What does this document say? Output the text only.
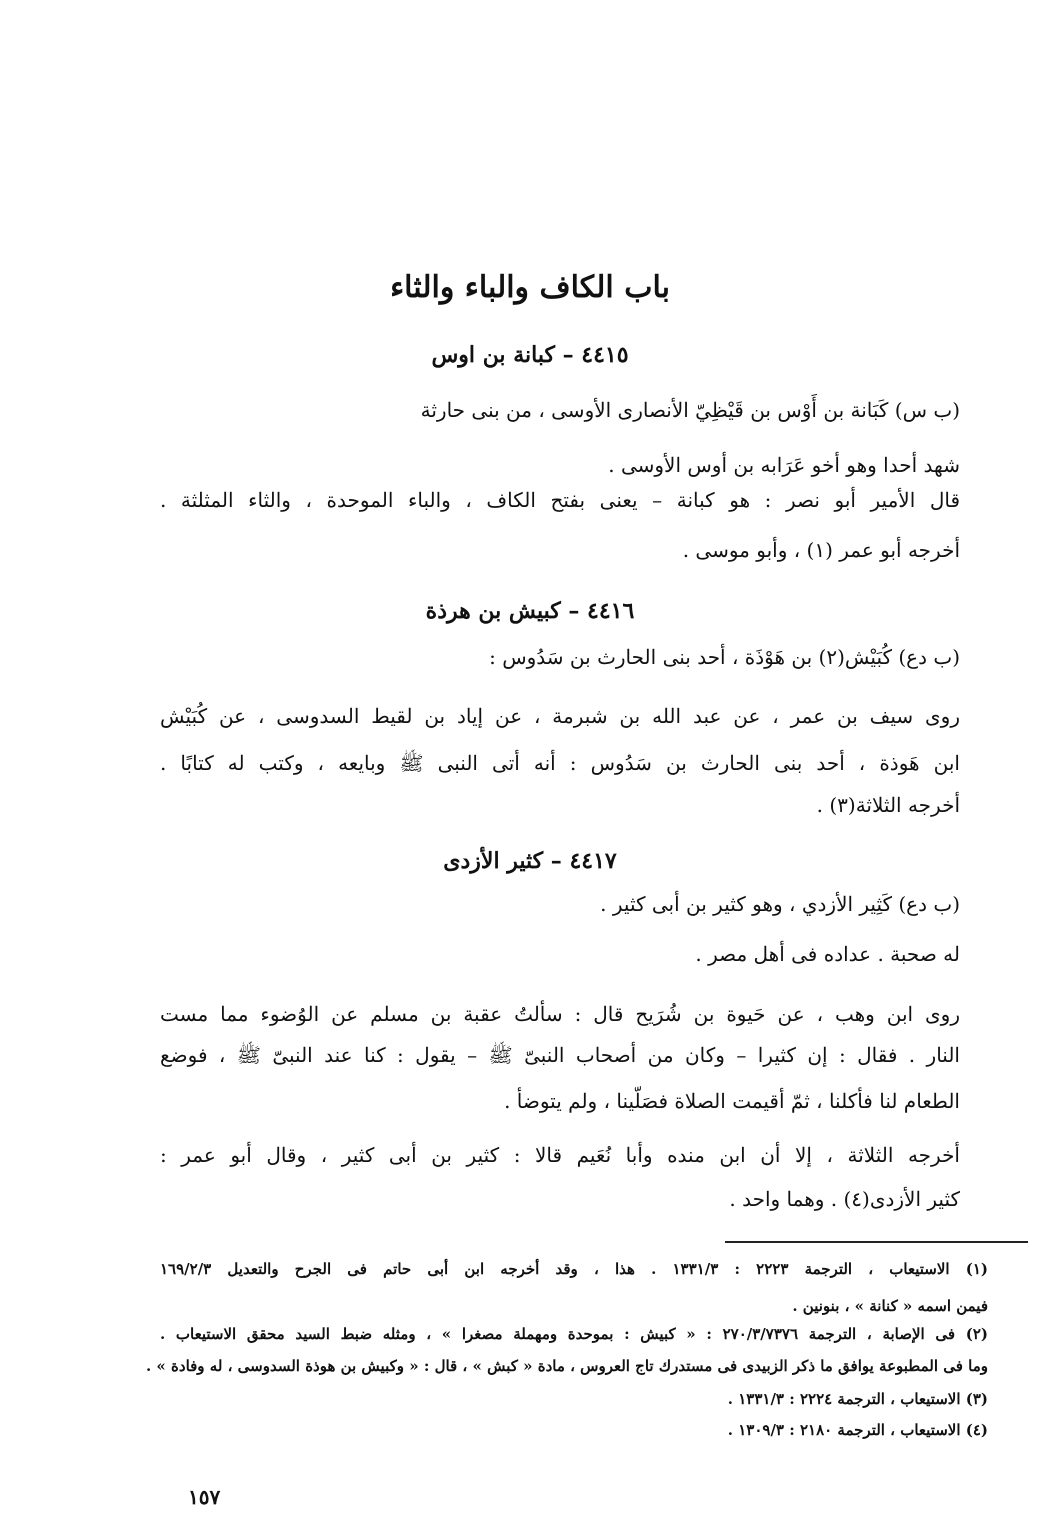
باب الكاف والباء والثاء
٤٤١٥ – كبانة بن اوس
(ب س) كَبَانة بن أَوْس بن قَيْظِيّ الأنصارى الأوسى ، من بنى حارثة
شهد أحدا وهو أخو عَرَابه بن أوس الأوسى .
قال الأمير أبو نصر : هو كبانة – يعنى بفتح الكاف ، والباء الموحدة ، والثاء المثلثة .
أخرجه أبو عمر (١) ، وأبو موسى .
٤٤١٦ – كبيش بن هرذة
(ب دع) كُبَيْش(٢) بن هَوْذَة ، أحد بنى الحارث بن سَدُوس :
روى سيف بن عمر ، عن عبد الله بن شبرمة ، عن إياد بن لقيط السدوسى ، عن كُبَيْش
ابن هَوذة ، أحد بنى الحارث بن سَدُوس : أنه أتى النبى ﷺ وبايعه ، وكتب له كتابًا .
أخرجه الثلاثة(٣) .
٤٤١٧ – كثير الأزدى
(ب دع) كَثِير الأزدي ، وهو كثير بن أبى كثير .
له صحبة . عداده فى أهل مصر .
روى ابن وهب ، عن حَيوة بن شُرَيح قال : سألتُ عقبة بن مسلم عن الوُضوء مما مست
النار . فقال : إن كثيرا – وكان من أصحاب النبىّ ﷺ – يقول : كنا عند النبىّ ﷺ ، فوضع
الطعام لنا فأكلنا ، ثمّ أقيمت الصلاة فصَلّينا ، ولم يتوضأ .
أخرجه الثلاثة ، إلا أن ابن منده وأبا نُعَيم قالا : كثير بن أبى كثير ، وقال أبو عمر :
كثير الأزدى(٤) . وهما واحد .
(١) الاستيعاب ، الترجمة ٢٢٢٣ : ١٣٣١/٣ . هذا ، وقد أخرجه ابن أبى حاتم فى الجرح والتعديل ١٦٩/٢/٣
فيمن اسمه « كنانة » ، بنونين .
(٢) فى الإصابة ، الترجمة ٢٧٠/٣/٧٣٧٦ : « كبيش : بموحدة ومهملة مصغرا » ، ومثله ضبط السيد محقق الاستيعاب .
وما فى المطبوعة يوافق ما ذكر الزبيدى فى مستدرك تاج العروس ، مادة « كبش » ، قال : « وكبيش بن هوذة السدوسى ، له وفادة » .
(٣) الاستيعاب ، الترجمة ٢٢٢٤ : ١٣٣١/٣ .
(٤) الاستيعاب ، الترجمة ٢١٨٠ : ١٣٠٩/٣ .
١٥٧
